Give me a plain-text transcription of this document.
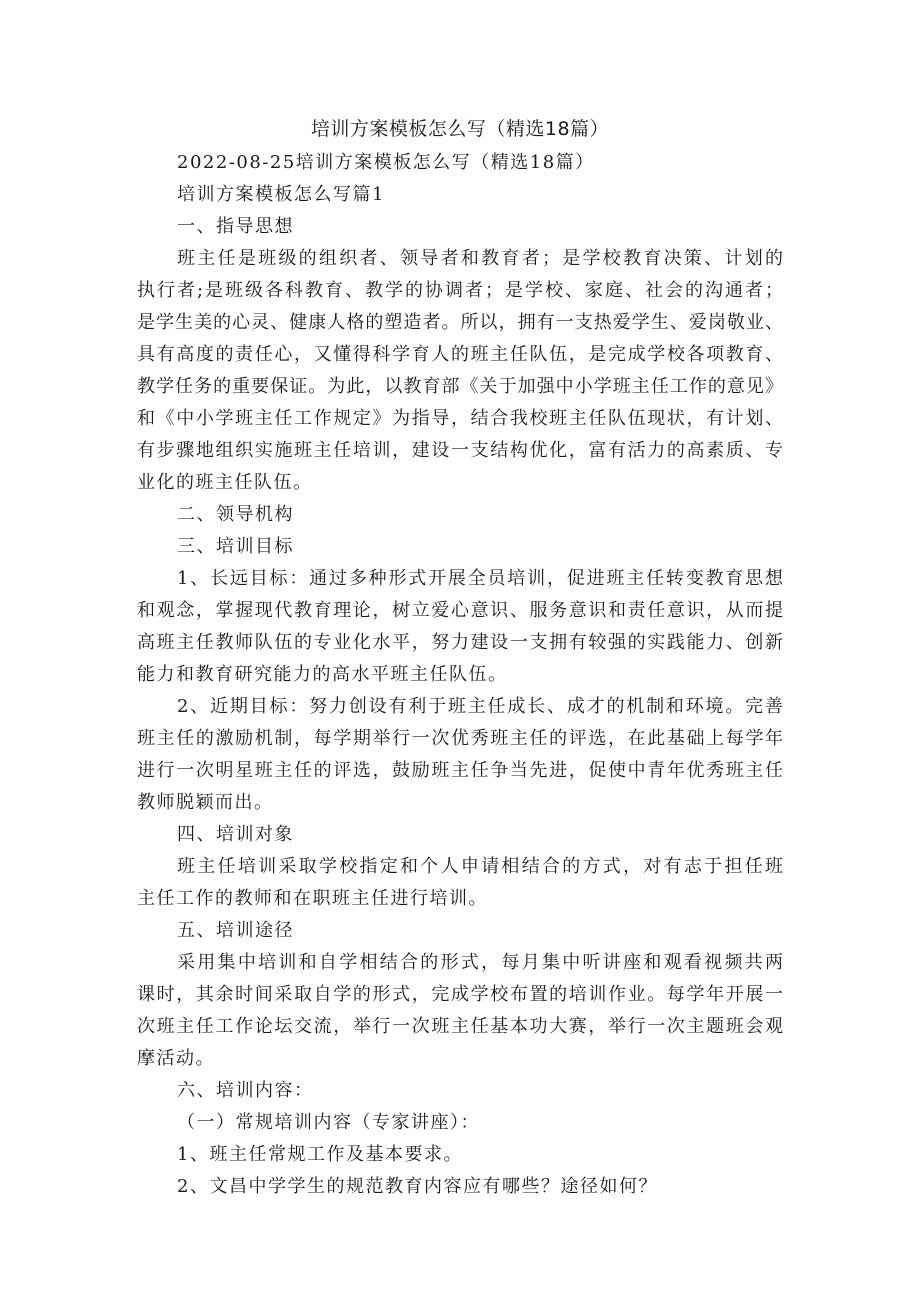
培训方案模板怎么写（精选18篇）
2022-08-25培训方案模板怎么写（精选18篇）
培训方案模板怎么写篇1
一、指导思想
班主任是班级的组织者、领导者和教育者；是学校教育决策、计划的
执行者;是班级各科教育、教学的协调者；是学校、家庭、社会的沟通者；
是学生美的心灵、健康人格的塑造者。所以，拥有一支热爱学生、爱岗敬业、
具有高度的责任心，又懂得科学育人的班主任队伍，是完成学校各项教育、
教学任务的重要保证。为此，以教育部《关于加强中小学班主任工作的意见》
和《中小学班主任工作规定》为指导，结合我校班主任队伍现状，有计划、
有步骤地组织实施班主任培训，建设一支结构优化，富有活力的高素质、专
业化的班主任队伍。
二、领导机构
三、培训目标
1、长远目标：通过多种形式开展全员培训，促进班主任转变教育思想
和观念，掌握现代教育理论，树立爱心意识、服务意识和责任意识，从而提
高班主任教师队伍的专业化水平，努力建设一支拥有较强的实践能力、创新
能力和教育研究能力的高水平班主任队伍。
2、近期目标：努力创设有利于班主任成长、成才的机制和环境。完善
班主任的激励机制，每学期举行一次优秀班主任的评选，在此基础上每学年
进行一次明星班主任的评选，鼓励班主任争当先进，促使中青年优秀班主任
教师脱颖而出。
四、培训对象
班主任培训采取学校指定和个人申请相结合的方式，对有志于担任班
主任工作的教师和在职班主任进行培训。
五、培训途径
采用集中培训和自学相结合的形式，每月集中听讲座和观看视频共两
课时，其余时间采取自学的形式，完成学校布置的培训作业。每学年开展一
次班主任工作论坛交流，举行一次班主任基本功大赛，举行一次主题班会观
摩活动。
六、培训内容：
（一）常规培训内容（专家讲座）：
1、班主任常规工作及基本要求。
2、文昌中学学生的规范教育内容应有哪些？途径如何？
